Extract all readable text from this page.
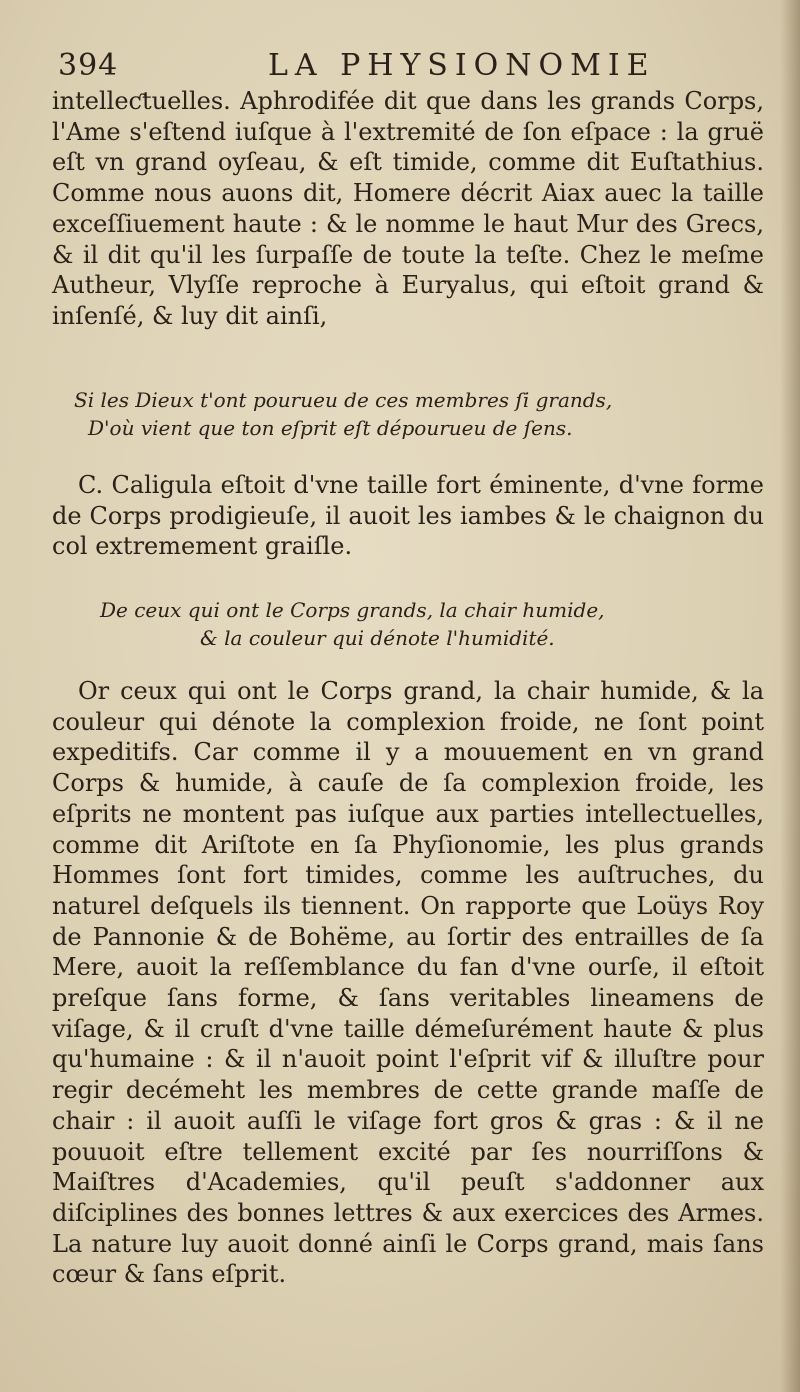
394	LA PHYSIONOMIE

intelleƈtuelles. Aphrodifée dit que dans les grands Corps, l'Ame s'eſtend iuſque à l'extremité de ſon eſpace : la gruë eſt vn grand oyſeau, & eſt timide, comme dit Euſtathius. Comme nous auons dit, Homere décrit Aiax auec la taille exceſſiuement haute : & le nomme le haut Mur des Grecs, & il dit qu'il les ſurpaſſe de toute la teſte. Chez le meſme Autheur, Vlyſſe reproche à Euryalus, qui eſtoit grand & inſenſé, & luy dit ainſi,

Si les Dieux t'ont pourueu de ces membres ſi grands,
D'où vient que ton eſprit eſt dépourueu de ſens.

C. Caligula eſtoit d'vne taille fort éminente, d'vne forme de Corps prodigieuſe, il auoit les iambes & le chaignon du col extremement graiſle.

De ceux qui ont le Corps grands, la chair humide,
& la couleur qui dénote l'humidité.

Or ceux qui ont le Corps grand, la chair humide, & la couleur qui dénote la complexion froide, ne ſont point expeditifs. Car comme il y a mouuement en vn grand Corps & humide, à cauſe de ſa complexion froide, les eſprits ne montent pas iuſque aux parties intellectuelles, comme dit Ariſtote en ſa Phyſionomie, les plus grands Hommes ſont fort timides, comme les auſtruches, du naturel deſquels ils tiennent. On rapporte que Loüys Roy de Pannonie & de Bohëme, au ſortir des entrailles de ſa Mere, auoit la reſſemblance du fan d'vne ourſe, il eſtoit preſque ſans forme, & ſans veritables lineamens de viſage, & il cruſt d'vne taille démeſurément haute & plus qu'humaine : & il n'auoit point l'eſprit vif & illuſtre pour regir decémeht les membres de cette grande maſſe de chair : il auoit auſſi le viſage fort gros & gras : & il ne pouuoit eſtre tellement excité par ſes nourriſſons & Maiſtres d'Academies, qu'il peuſt s'addonner aux diſciplines des bonnes lettres & aux exercices des Armes. La nature luy auoit donné ainſi le Corps grand, mais ſans cœur & ſans eſprit.
